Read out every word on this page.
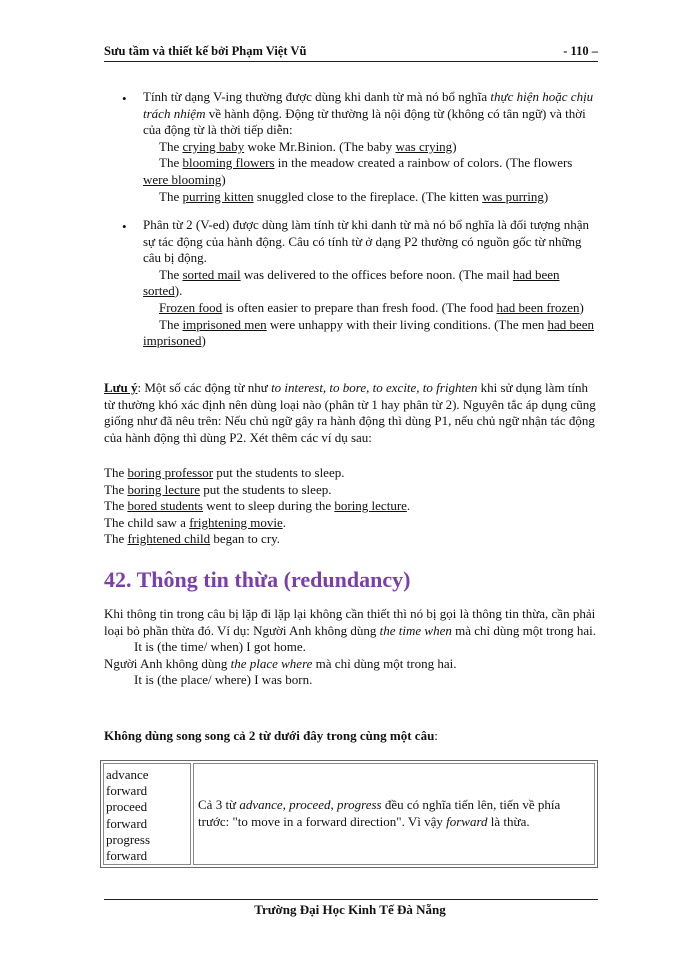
Sưu tầm và thiết kế bởi Phạm Việt Vũ	- 110 –
• Tính từ dạng V-ing thường được dùng khi danh từ mà nó bổ nghĩa thực hiện hoặc chịu trách nhiệm về hành động. Động từ thường là nội động từ (không có tân ngữ) và thời của động từ là thời tiếp diễn:
The crying baby woke Mr.Binion. (The baby was crying)
The blooming flowers in the meadow created a rainbow of colors. (The flowers were blooming)
The purring kitten snuggled close to the fireplace. (The kitten was purring)
• Phân từ 2 (V-ed) được dùng làm tính từ khi danh từ mà nó bổ nghĩa là đối tượng nhận sự tác động của hành động. Câu có tính từ ở dạng P2 thường có nguồn gốc từ những câu bị động.
The sorted mail was delivered to the offices before noon. (The mail had been sorted).
Frozen food is often easier to prepare than fresh food. (The food had been frozen)
The imprisoned men were unhappy with their living conditions. (The men had been imprisoned)
Lưu ý: Một số các động từ như to interest, to bore, to excite, to frighten khi sử dụng làm tính từ thường khó xác định nên dùng loại nào (phân từ 1 hay phân từ 2). Nguyên tắc áp dụng cũng giống như đã nêu trên: Nếu chủ ngữ gây ra hành động thì dùng P1, nếu chủ ngữ nhận tác động của hành động thì dùng P2. Xét thêm các ví dụ sau:
The boring professor put the students to sleep.
The boring lecture put the students to sleep.
The bored students went to sleep during the boring lecture.
The child saw a frightening movie.
The frightened child began to cry.
42. Thông tin thừa (redundancy)
Khi thông tin trong câu bị lặp đi lặp lại không cần thiết thì nó bị gọi là thông tin thừa, cần phải loại bỏ phần thừa đó. Ví dụ: Người Anh không dùng the time when mà chỉ dùng một trong hai.
It is (the time/ when) I got home.
Người Anh không dùng the place where mà chỉ dùng một trong hai.
It is (the place/ where) I was born.
Không dùng song song cả 2 từ dưới đây trong cùng một câu:
advance
forward
proceed
forward
progress
forward
Cả 3 từ advance, proceed, progress đều có nghĩa tiến lên, tiến về phía trước: "to move in a forward direction". Vì vậy forward là thừa.
Trường Đại Học Kinh Tế Đà Nẵng
